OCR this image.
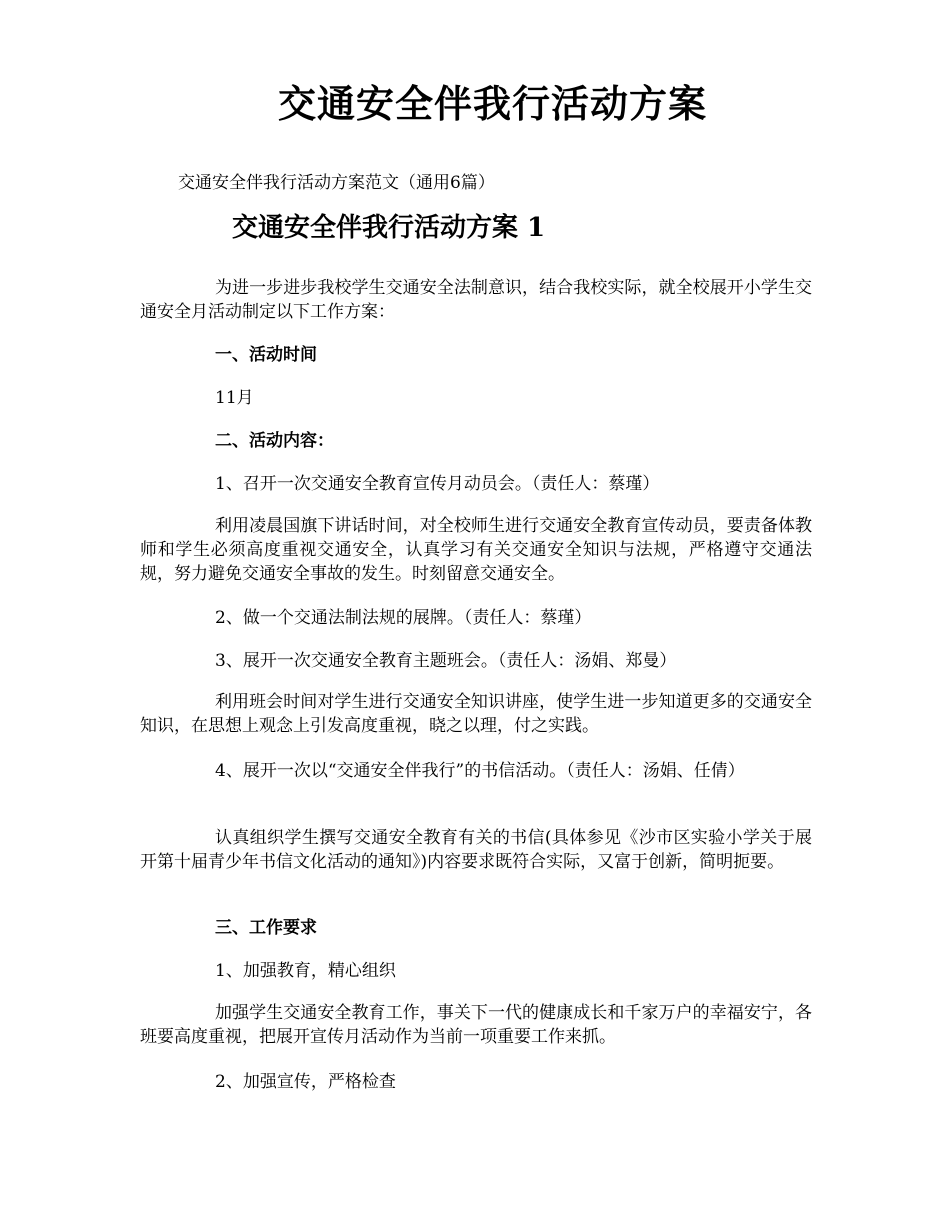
交通安全伴我行活动方案
交通安全伴我行活动方案范文（通用6篇）
交通安全伴我行活动方案 1
为进一步进步我校学生交通安全法制意识，结合我校实际，就全校展开小学生交通安全月活动制定以下工作方案：
一、活动时间
11月
二、活动内容：
1、召开一次交通安全教育宣传月动员会。（责任人：蔡瑾）
利用凌晨国旗下讲话时间，对全校师生进行交通安全教育宣传动员，要责备体教师和学生必须高度重视交通安全，认真学习有关交通安全知识与法规，严格遵守交通法规，努力避免交通安全事故的发生。时刻留意交通安全。
2、做一个交通法制法规的展牌。（责任人：蔡瑾）
3、展开一次交通安全教育主题班会。（责任人：汤娟、郑曼）
利用班会时间对学生进行交通安全知识讲座，使学生进一步知道更多的交通安全知识，在思想上观念上引发高度重视，晓之以理，付之实践。
4、展开一次以“交通安全伴我行”的书信活动。（责任人：汤娟、任倩）
认真组织学生撰写交通安全教育有关的书信(具体参见《沙市区实验小学关于展开第十届青少年书信文化活动的通知》)内容要求既符合实际，又富于创新，简明扼要。
三、工作要求
1、加强教育，精心组织
加强学生交通安全教育工作，事关下一代的健康成长和千家万户的幸福安宁，各班要高度重视，把展开宣传月活动作为当前一项重要工作来抓。
2、加强宣传，严格检查
